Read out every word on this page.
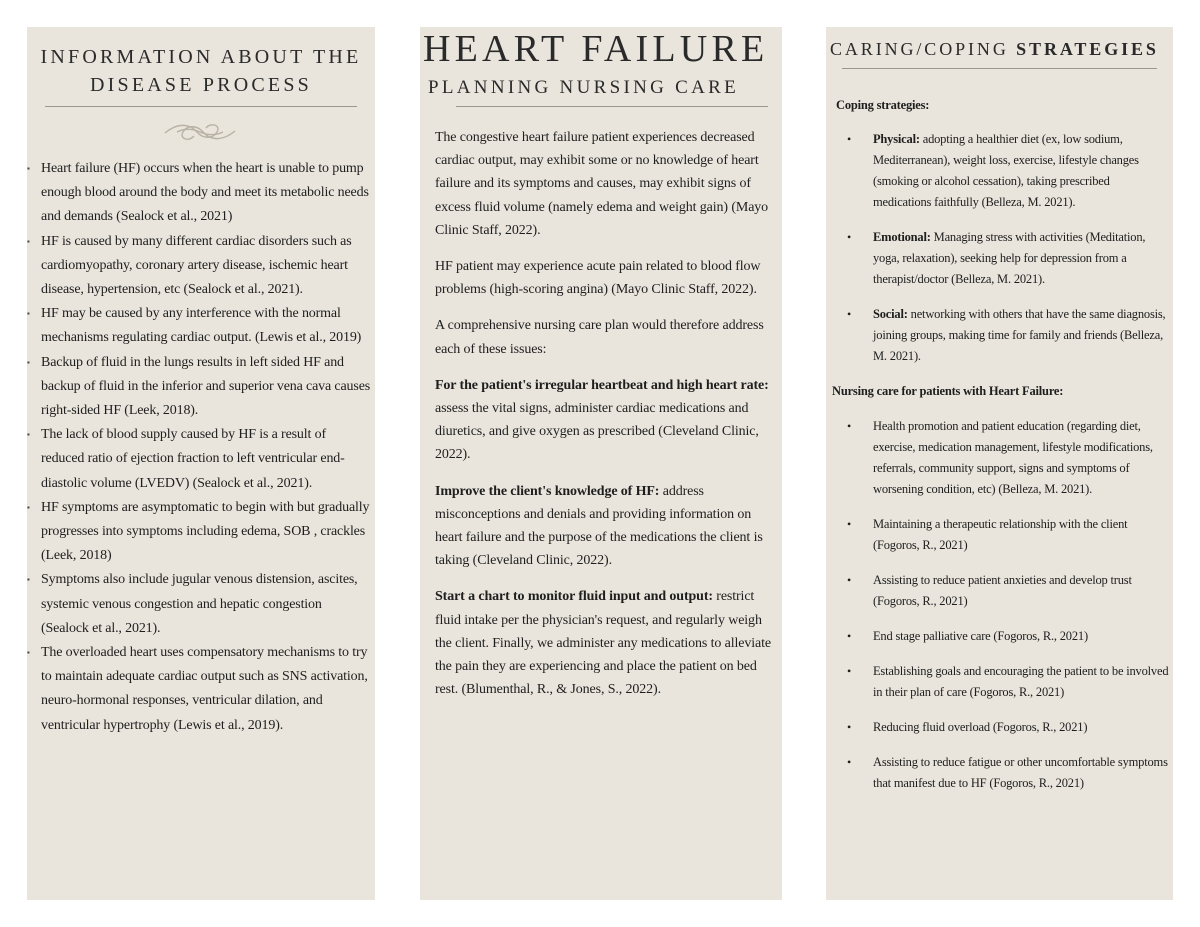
INFORMATION ABOUT THE DISEASE PROCESS
▪ Heart failure (HF) occurs when the heart is unable to pump enough blood around the body and meet its metabolic needs and demands (Sealock et al., 2021)
▪ HF is caused by many different cardiac disorders such as cardiomyopathy, coronary artery disease, ischemic heart disease, hypertension, etc (Sealock et al., 2021).
▪ HF may be caused by any interference with the normal mechanisms regulating cardiac output. (Lewis et al., 2019)
▪ Backup of fluid in the lungs results in left sided HF and backup of fluid in the inferior and superior vena cava causes right-sided HF (Leek, 2018).
▪ The lack of blood supply caused by HF is a result of reduced ratio of ejection fraction to left ventricular end- diastolic volume (LVEDV) (Sealock et al., 2021).
▪ HF symptoms are asymptomatic to begin with but gradually progresses into symptoms including edema, SOB , crackles (Leek, 2018)
▪ Symptoms also include jugular venous distension, ascites, systemic venous congestion and hepatic congestion (Sealock et al., 2021).
▪ The overloaded heart uses compensatory mechanisms to try to maintain adequate cardiac output such as SNS activation, neuro-hormonal responses, ventricular dilation, and ventricular hypertrophy (Lewis et al., 2019).
HEART FAILURE
PLANNING NURSING CARE

The congestive heart failure patient experiences decreased cardiac output, may exhibit some or no knowledge of heart failure and its symptoms and causes, may exhibit signs of excess fluid volume (namely edema and weight gain) (Mayo Clinic Staff, 2022).

HF patient may experience acute pain related to blood flow problems (high-scoring angina) (Mayo Clinic Staff, 2022).

A comprehensive nursing care plan would therefore address each of these issues:

For the patient's irregular heartbeat and high heart rate: assess the vital signs, administer cardiac medications and diuretics, and give oxygen as prescribed (Cleveland Clinic, 2022).

Improve the client's knowledge of HF: address misconceptions and denials and providing information on heart failure and the purpose of the medications the client is taking (Cleveland Clinic, 2022).

Start a chart to monitor fluid input and output: restrict fluid intake per the physician's request, and regularly weigh the client. Finally, we administer any medications to alleviate the pain they are experiencing and place the patient on bed rest. (Blumenthal, R., & Jones, S., 2022).

CARING/COPING STRATEGIES

Coping strategies:

• Physical: adopting a healthier diet (ex, low sodium, Mediterranean), weight loss, exercise, lifestyle changes (smoking or alcohol cessation), taking prescribed medications faithfully (Belleza, M. 2021).
• Emotional: Managing stress with activities (Meditation, yoga, relaxation), seeking help for depression from a therapist/doctor (Belleza, M. 2021).
• Social: networking with others that have the same diagnosis, joining groups, making time for family and friends (Belleza, M. 2021).

Nursing care for patients with Heart Failure:

• Health promotion and patient education (regarding diet, exercise, medication management, lifestyle modifications, referrals, community support, signs and symptoms of worsening condition, etc) (Belleza, M. 2021).
• Maintaining a therapeutic relationship with the client (Fogoros, R., 2021)
• Assisting to reduce patient anxieties and develop trust (Fogoros, R., 2021)
• End stage palliative care (Fogoros, R., 2021)
• Establishing goals and encouraging the patient to be involved in their plan of care (Fogoros, R., 2021)
• Reducing fluid overload (Fogoros, R., 2021)
• Assisting to reduce fatigue or other uncomfortable symptoms that manifest due to HF (Fogoros, R., 2021)
